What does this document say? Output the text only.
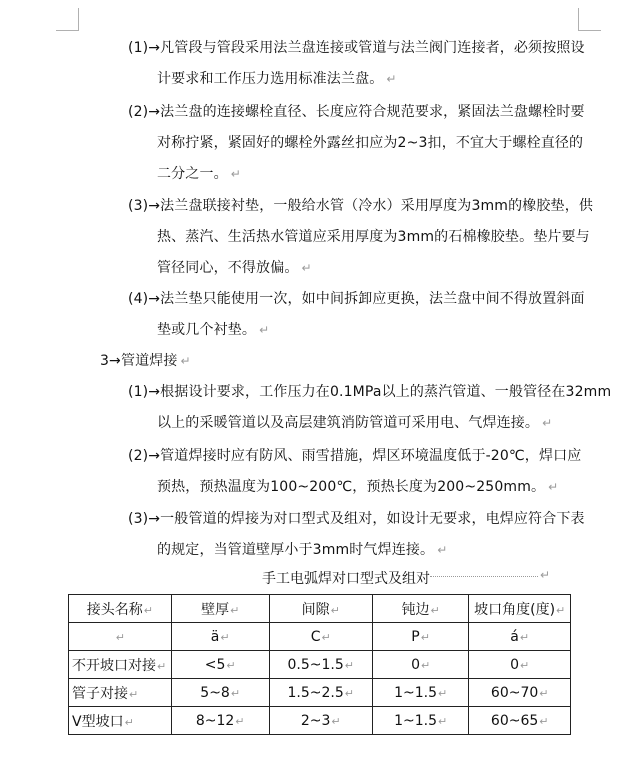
(1)→凡管段与管段采用法兰盘连接或管道与法兰阀门连接者，必须按照设
计要求和工作压力选用标准法兰盘。 ↵
(2)→法兰盘的连接螺栓直径、长度应符合规范要求，紧固法兰盘螺栓时要
对称拧紧，紧固好的螺栓外露丝扣应为2~3扣，不宜大于螺栓直径的
二分之一。 ↵
(3)→法兰盘联接衬垫，一般给水管（冷水）采用厚度为3mm的橡胶垫，供
热、蒸汽、生活热水管道应采用厚度为3mm的石棉橡胶垫。垫片要与
管径同心，不得放偏。 ↵
(4)→法兰垫只能使用一次，如中间拆卸应更换，法兰盘中间不得放置斜面
垫或几个衬垫。 ↵
3→管道焊接 ↵
(1)→根据设计要求，工作压力在0.1MPa以上的蒸汽管道、一般管径在32mm
以上的采暖管道以及高层建筑消防管道可采用电、气焊连接。 ↵
(2)→管道焊接时应有防风、雨雪措施，焊区环境温度低于-20℃，焊口应
预热，预热温度为100~200℃，预热长度为200~250mm。 ↵
(3)→一般管道的焊接为对口型式及组对，如设计无要求，电焊应符合下表
的规定，当管道壁厚小于3mm时气焊连接。 ↵
手工电弧焊对口型式及组对	↵
接头名称↵	壁厚↵	间隙↵	钝边↵	坡口角度(度)↵
↵	ä↵	C↵	P↵	á↵
不开坡口对接↵	<5↵	0.5~1.5↵	0↵	0↵
管子对接↵	5~8↵	1.5~2.5↵	1~1.5↵	60~70↵
V型坡口↵	8~12↵	2~3↵	1~1.5↵	60~65↵
